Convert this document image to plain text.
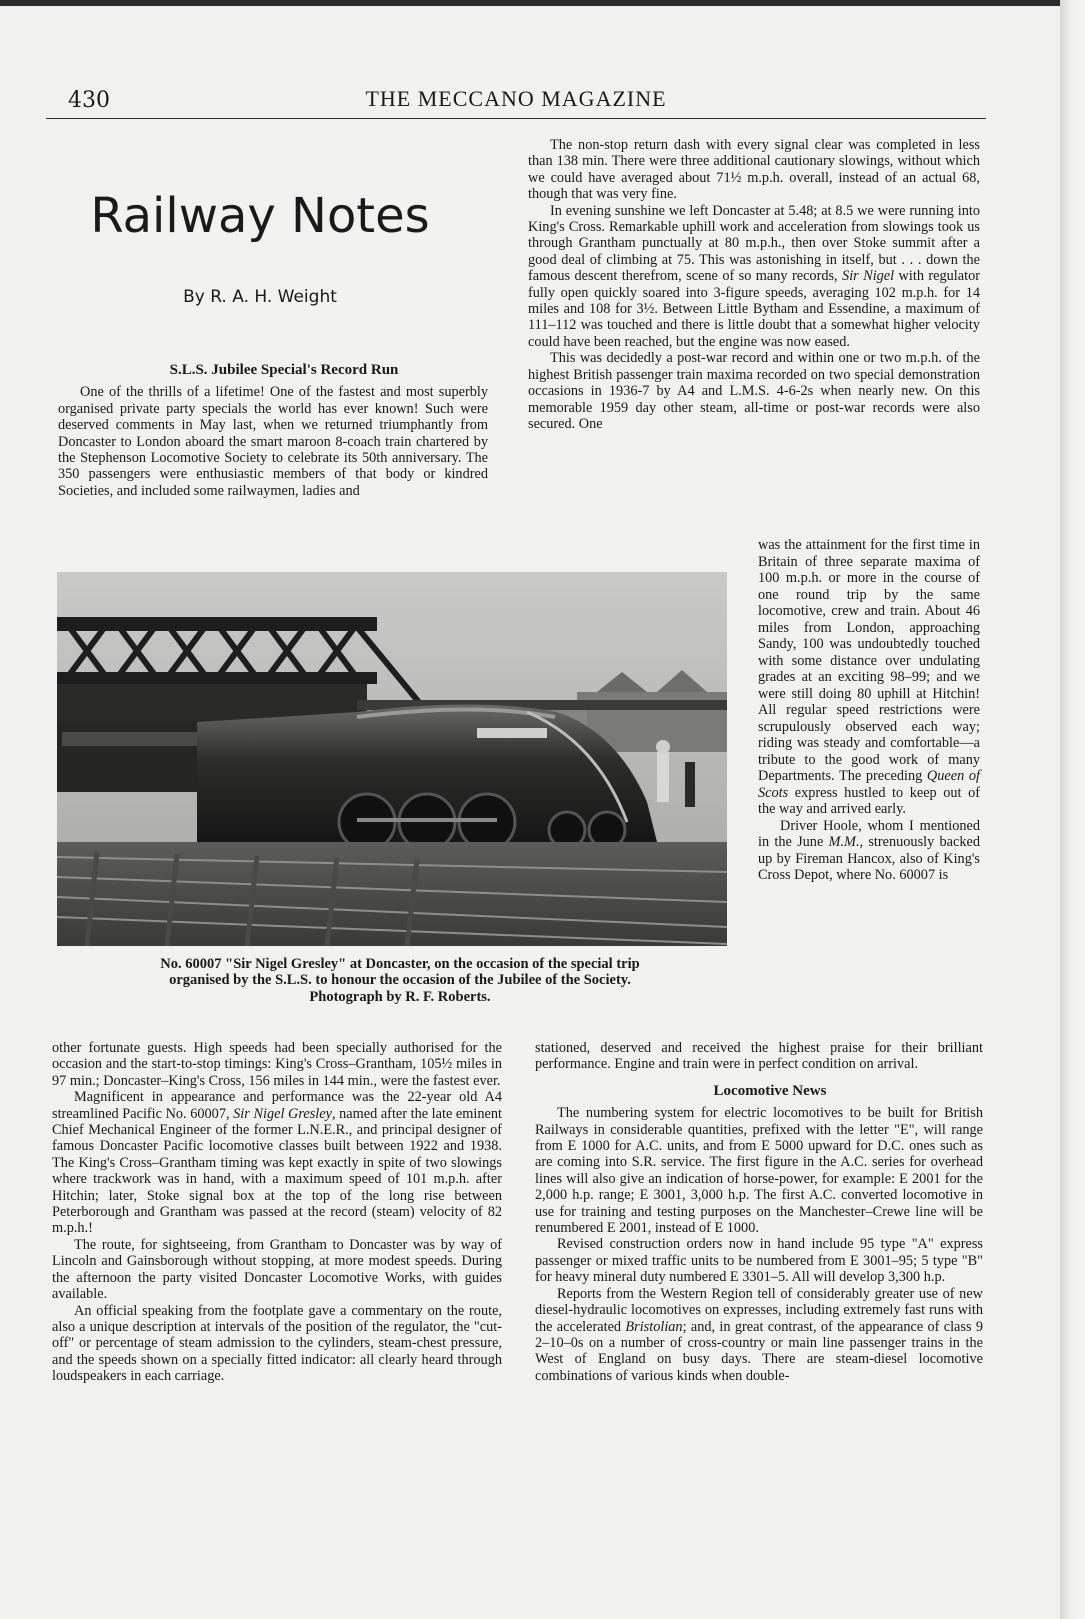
430	THE MECCANO MAGAZINE
Railway Notes
By R. A. H. Weight

S.L.S. Jubilee Special's Record Run

One of the thrills of a lifetime! One of the fastest and most superbly organised private party specials the world has ever known! Such were deserved comments in May last, when we returned triumphantly from Doncaster to London aboard the smart maroon 8-coach train chartered by the Stephenson Locomotive Society to celebrate its 50th anniversary. The 350 passengers were enthusiastic members of that body or kindred Societies, and included some railwaymen, ladies and

The non-stop return dash with every signal clear was completed in less than 138 min. There were three additional cautionary slowings, without which we could have averaged about 71½ m.p.h. overall, instead of an actual 68, though that was very fine.

In evening sunshine we left Doncaster at 5.48; at 8.5 we were running into King's Cross. Remarkable uphill work and acceleration from slowings took us through Grantham punctually at 80 m.p.h., then over Stoke summit after a good deal of climbing at 75. This was astonishing in itself, but . . . down the famous descent therefrom, scene of so many records, Sir Nigel with regulator fully open quickly soared into 3-figure speeds, averaging 102 m.p.h. for 14 miles and 108 for 3½. Between Little Bytham and Essendine, a maximum of 111–112 was touched and there is little doubt that a somewhat higher velocity could have been reached, but the engine was now eased.

This was decidedly a post-war record and within one or two m.p.h. of the highest British passenger train maxima recorded on two special demonstration occasions in 1936-7 by A4 and L.M.S. 4-6-2s when nearly new. On this memorable 1959 day other steam, all-time or post-war records were also secured. One

No. 60007 "Sir Nigel Gresley" at Doncaster, on the occasion of the special trip
organised by the S.L.S. to honour the occasion of the Jubilee of the Society.
Photograph by R. F. Roberts.

was the attainment for the first time in Britain of three separate maxima of 100 m.p.h. or more in the course of one round trip by the same locomotive, crew and train. About 46 miles from London, approaching Sandy, 100 was undoubtedly touched with some distance over undulating grades at an exciting 98–99; and we were still doing 80 uphill at Hitchin! All regular speed restrictions were scrupulously observed each way; riding was steady and comfortable—a tribute to the good work of many Departments. The preceding Queen of Scots express hustled to keep out of the way and arrived early.

Driver Hoole, whom I mentioned in the June M.M., strenuously backed up by Fireman Hancox, also of King's Cross Depot, where No. 60007 is

other fortunate guests. High speeds had been specially authorised for the occasion and the start-to-stop timings: King's Cross–Grantham, 105½ miles in 97 min.; Doncaster–King's Cross, 156 miles in 144 min., were the fastest ever.

Magnificent in appearance and performance was the 22-year old A4 streamlined Pacific No. 60007, Sir Nigel Gresley, named after the late eminent Chief Mechanical Engineer of the former L.N.E.R., and principal designer of famous Doncaster Pacific locomotive classes built between 1922 and 1938. The King's Cross–Grantham timing was kept exactly in spite of two slowings where trackwork was in hand, with a maximum speed of 101 m.p.h. after Hitchin; later, Stoke signal box at the top of the long rise between Peterborough and Grantham was passed at the record (steam) velocity of 82 m.p.h.!

The route, for sightseeing, from Grantham to Doncaster was by way of Lincoln and Gainsborough without stopping, at more modest speeds. During the afternoon the party visited Doncaster Locomotive Works, with guides available.

An official speaking from the footplate gave a commentary on the route, also a unique description at intervals of the position of the regulator, the "cut-off" or percentage of steam admission to the cylinders, steam-chest pressure, and the speeds shown on a specially fitted indicator: all clearly heard through loudspeakers in each carriage.

stationed, deserved and received the highest praise for their brilliant performance. Engine and train were in perfect condition on arrival.

Locomotive News

The numbering system for electric locomotives to be built for British Railways in considerable quantities, prefixed with the letter "E", will range from E 1000 for A.C. units, and from E 5000 upward for D.C. ones such as are coming into S.R. service. The first figure in the A.C. series for overhead lines will also give an indication of horse-power, for example: E 2001 for the 2,000 h.p. range; E 3001, 3,000 h.p. The first A.C. converted locomotive in use for training and testing purposes on the Manchester–Crewe line will be renumbered E 2001, instead of E 1000.

Revised construction orders now in hand include 95 type "A" express passenger or mixed traffic units to be numbered from E 3001–95; 5 type "B" for heavy mineral duty numbered E 3301–5. All will develop 3,300 h.p.

Reports from the Western Region tell of considerably greater use of new diesel-hydraulic locomotives on expresses, including extremely fast runs with the accelerated Bristolian; and, in great contrast, of the appearance of class 9 2–10–0s on a number of cross-country or main line passenger trains in the West of England on busy days. There are steam-diesel locomotive combinations of various kinds when double-
